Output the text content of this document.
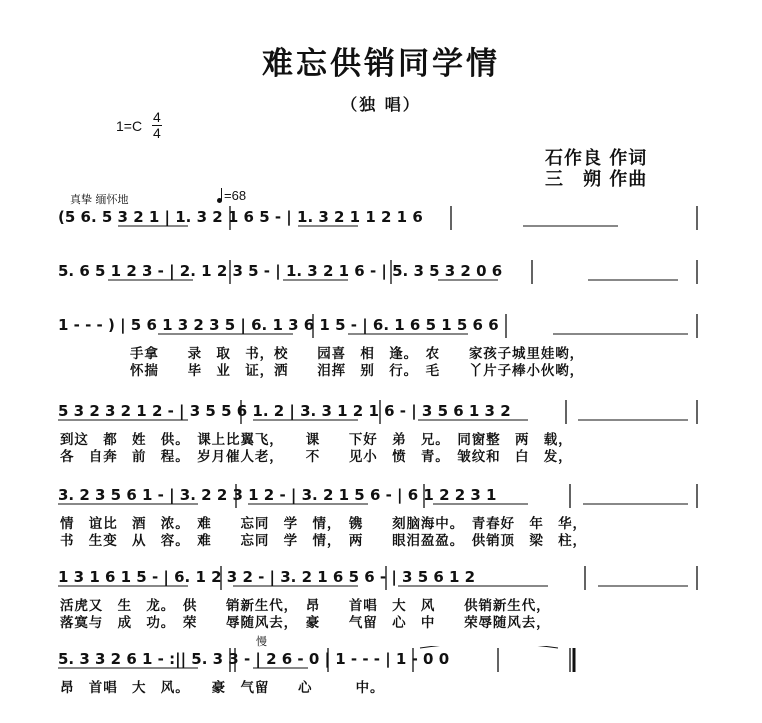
难忘供销同学情
（独 唱）
1=C
4
4
石作良 作词
三　朔 作曲
真挚 缅怀地	=68
慢
(5 6. 5 3 2 1 | 1. 3 2 1 6 5 - | 1. 3 2 1 1 2 1 6
5. 6 5 1 2 3 - | 2. 1 2 3 5 - | 1. 3 2 1 6 - | 5. 3 5 3 2 0 6
1 - - - ) | 5 6 1 3 2 3 5 | 6. 1 3 6 1 5 - | 6. 1 6 5 1 5 6 6
手拿　　录　取　书，校　　园喜　相　逢。　农　　家孩子城里娃哟，
怀揣　　毕　业　证，洒　　泪挥　别　行。　毛　　丫片子棒小伙哟，
5 3 2 3 2 1 2 - | 3 5 5 6 1. 2 | 3. 3 1 2 1 6 - | 3 5 6 1 3 2
到这　都　姓　供。　课上比翼飞，　　课　　下好　弟　兄。　同窗整　两　载，
各　自奔　前　程。　岁月催人老，　　不　　见小　愤　青。　皱纹和　白　发，
3. 2 3 5 6 1 - | 3. 2 2 3 1 2 - | 3. 2 1 5 6 - | 6 1 2 2 3 1
情　谊比　酒　浓。　难　　忘同　学　情，　镌　　刻脑海中。　青春好　年　华，
书　生变　从　容。　难　　忘同　学　情，　两　　眼泪盈盈。　供销顶　梁　柱，
1 3 1 6 1 5 - | 6. 1 2 3 2 - | 3. 2 1 6 5 6 - | 3 5 6 1 2
活虎又　生　龙。　供　　销新生代，　昂　　首唱　大　风　　供销新生代，
落寞与　成　功。　荣　　辱随风去，　豪　　气留　心　中　　荣辱随风去，
5. 3 3 2 6 1 - :|| 5. 3 3 - | 2 6 - 0 | 1 - - - | 1 - 0 0
昂　首唱　大　风。　　豪　气留　　心　　　中。
